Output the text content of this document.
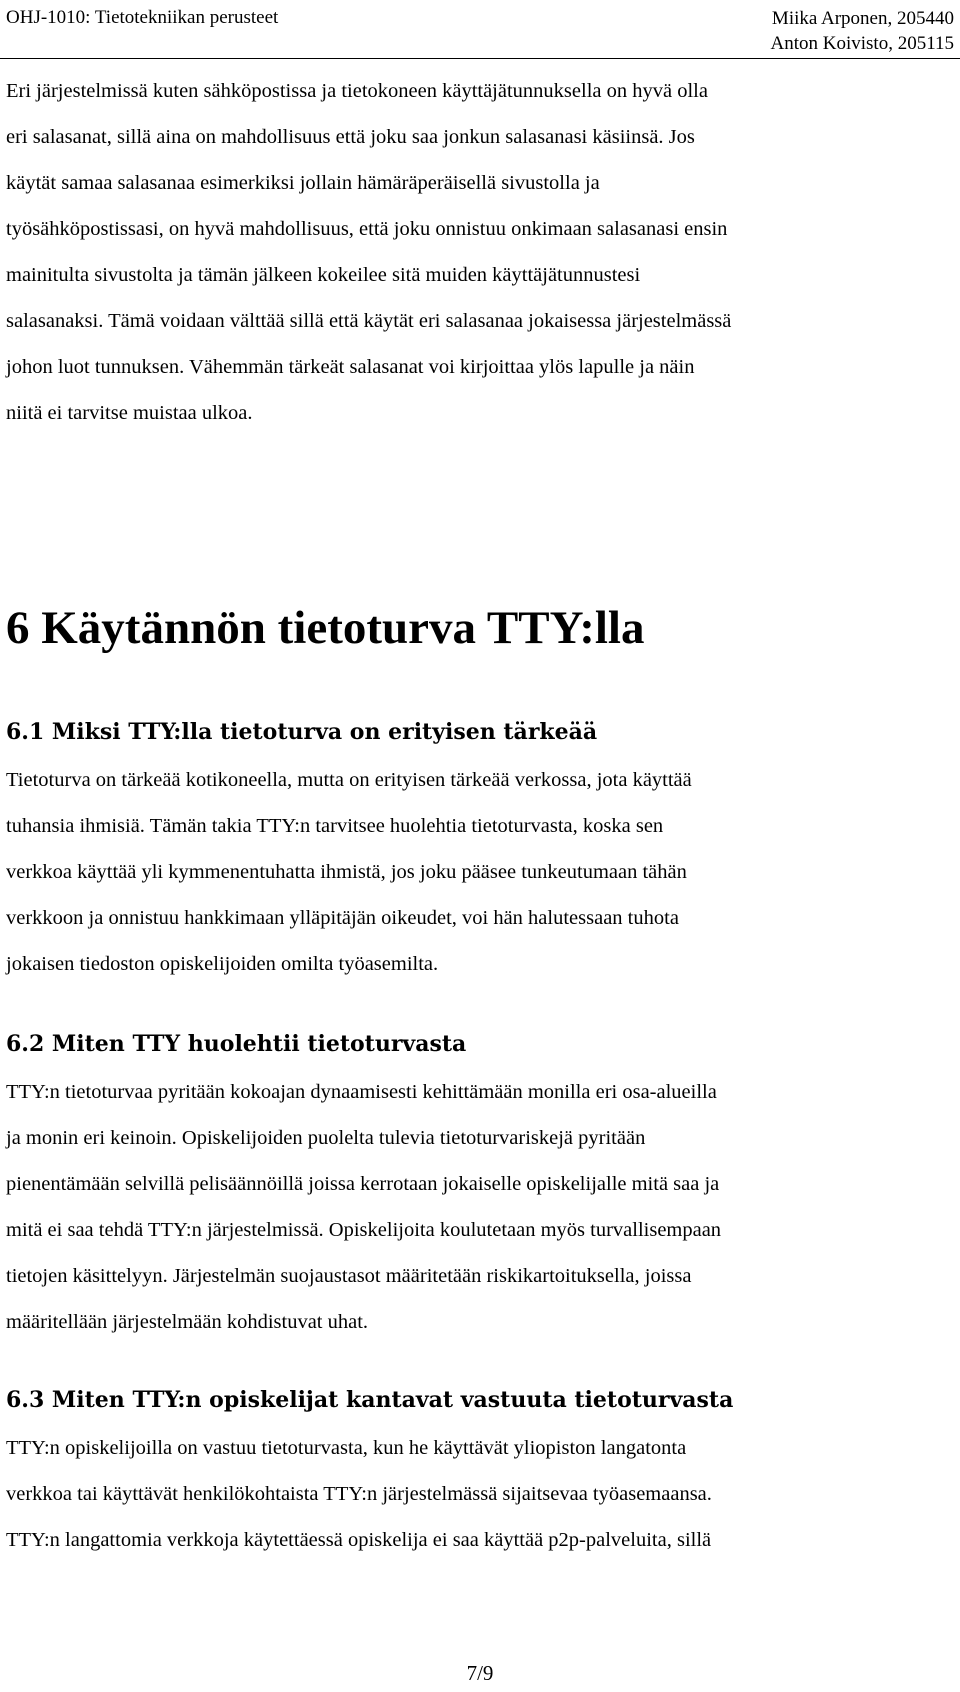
OHJ-1010: Tietotekniikan perusteet	Miika Arponen, 205440
Anton Koivisto, 205115

Eri järjestelmissä kuten sähköpostissa ja tietokoneen käyttäjätunnuksella on hyvä olla
eri salasanat, sillä aina on mahdollisuus että joku saa jonkun salasanasi käsiinsä. Jos
käytät samaa salasanaa esimerkiksi jollain hämäräperäisellä sivustolla ja
työsähköpostissasi, on hyvä mahdollisuus, että joku onnistuu onkimaan salasanasi ensin
mainitulta sivustolta ja tämän jälkeen kokeilee sitä muiden käyttäjätunnustesi
salasanaksi. Tämä voidaan välttää sillä että käytät eri salasanaa jokaisessa järjestelmässä
johon luot tunnuksen. Vähemmän tärkeät salasanat voi kirjoittaa ylös lapulle ja näin
niitä ei tarvitse muistaa ulkoa.

6 Käytännön tietoturva TTY:lla
6.1 Miksi TTY:lla tietoturva on erityisen tärkeää

Tietoturva on tärkeää kotikoneella, mutta on erityisen tärkeää verkossa, jota käyttää
tuhansia ihmisiä. Tämän takia TTY:n tarvitsee huolehtia tietoturvasta, koska sen
verkkoa käyttää yli kymmenentuhatta ihmistä, jos joku pääsee tunkeutumaan tähän
verkkoon ja onnistuu hankkimaan ylläpitäjän oikeudet, voi hän halutessaan tuhota
jokaisen tiedoston opiskelijoiden omilta työasemilta.

6.2 Miten TTY huolehtii tietoturvasta

TTY:n tietoturvaa pyritään kokoajan dynaamisesti kehittämään monilla eri osa-alueilla
ja monin eri keinoin. Opiskelijoiden puolelta tulevia tietoturvariskejä pyritään
pienentämään selvillä pelisäännöillä joissa kerrotaan jokaiselle opiskelijalle mitä saa ja
mitä ei saa tehdä TTY:n järjestelmissä. Opiskelijoita koulutetaan myös turvallisempaan
tietojen käsittelyyn. Järjestelmän suojaustasot määritetään riskikartoituksella, joissa
määritellään järjestelmään kohdistuvat uhat.

6.3 Miten TTY:n opiskelijat kantavat vastuuta tietoturvasta

TTY:n opiskelijoilla on vastuu tietoturvasta, kun he käyttävät yliopiston langatonta
verkkoa tai käyttävät henkilökohtaista TTY:n järjestelmässä sijaitsevaa työasemaansa.
TTY:n langattomia verkkoja käytettäessä opiskelija ei saa käyttää p2p-palveluita, sillä

7/9
